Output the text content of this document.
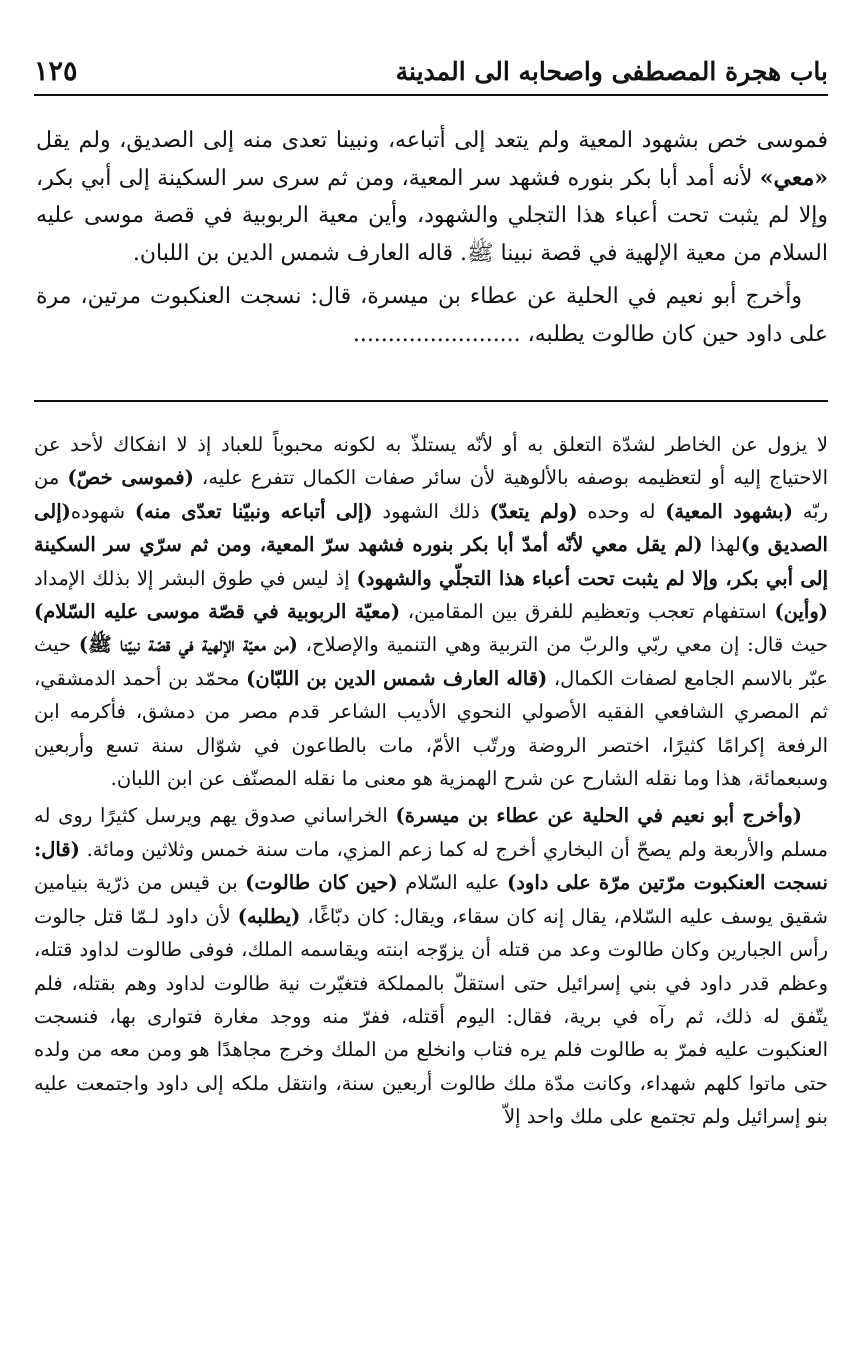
باب هجرة المصطفى واصحابه الى المدينة
١٢٥

فموسى خص بشهود المعية ولم يتعد إلى أتباعه، ونبينا تعدى منه إلى الصديق، ولم يقل «معي» لأنه أمد أبا بكر بنوره فشهد سر المعية، ومن ثم سرى سر السكينة إلى أبي بكر، وإلا لم يثبت تحت أعباء هذا التجلي والشهود، وأين معية الربوبية في قصة موسى عليه السلام من معية الإلهية في قصة نبينا ﷺ. قاله العارف شمس الدين بن اللبان.

وأخرج أبو نعيم في الحلية عن عطاء بن ميسرة، قال: نسجت العنكبوت مرتين، مرة على داود حين كان طالوت يطلبه، ........................

لا يزول عن الخاطر لشدّة التعلق به أو لأنّه يستلذّ به لكونه محبوباً للعباد إذ لا انفكاك لأحد عن الاحتياج إليه أو لتعظيمه بوصفه بالألوهية لأن سائر صفات الكمال تتفرع عليه، (فموسى خصّ) من ربّه (بشهود المعية) له وحده (ولم يتعدّ) ذلك الشهود (إلى أتباعه ونبيّنا تعدّى منه) شهوده(إلى الصديق و)لهذا (لم يقل معي لأنّه أمدّ أبا بكر بنوره فشهد سرّ المعية، ومن ثم سرّي سر السكينة إلى أبي بكر، وإلا لم يثبت تحت أعباء هذا التجلّي والشهود) إذ ليس في طوق البشر إلا بذلك الإمداد (وأين) استفهام تعجب وتعظيم للفرق بين المقامين، (معيّة الربوبية في قصّة موسى عليه السّلام) حيث قال: إن معي ربّي والربّ من التربية وهي التنمية والإصلاح، (من معيّة الإلهية في قصّة نبيّنا ﷺ) حيث عبّر بالاسم الجامع لصفات الكمال، (قاله العارف شمس الدين بن اللبّان) محمّد بن أحمد الدمشقي، ثم المصري الشافعي الفقيه الأصولي النحوي الأديب الشاعر قدم مصر من دمشق، فأكرمه ابن الرفعة إكرامًا كثيرًا، اختصر الروضة ورتّب الأمّ، مات بالطاعون في شوّال سنة تسع وأربعين وسبعمائة، هذا وما نقله الشارح عن شرح الهمزية هو معنى ما نقله المصنّف عن ابن اللبان.

(وأخرج أبو نعيم في الحلية عن عطاء بن ميسرة) الخراساني صدوق يهم ويرسل كثيرًا روى له مسلم والأربعة ولم يصحّ أن البخاري أخرج له كما زعم المزي، مات سنة خمس وثلاثين ومائة. (قال: نسجت العنكبوت مرّتين مرّة على داود) عليه السّلام (حين كان طالوت) بن قيس من ذرّية بنيامين شقيق يوسف عليه السّلام، يقال إنه كان سقاء، ويقال: كان دبّاغًا، (يطلبه) لأن داود لـمّا قتل جالوت رأس الجبارين وكان طالوت وعد من قتله أن يزوّجه ابنته ويقاسمه الملك، فوفى طالوت لداود قتله، وعظم قدر داود في بني إسرائيل حتى استقلّ بالمملكة فتغيّرت نية طالوت لداود وهم بقتله، فلم يتّفق له ذلك، ثم رآه في برية، فقال: اليوم أقتله، ففرّ منه ووجد مغارة فتوارى بها، فنسجت العنكبوت عليه فمرّ به طالوت فلم يره فتاب وانخلع من الملك وخرج مجاهدًا هو ومن معه من ولده حتى ماتوا كلهم شهداء، وكانت مدّة ملك طالوت أربعين سنة، وانتقل ملكه إلى داود واجتمعت عليه بنو إسرائيل ولم تجتمع على ملك واحد إلاّ
